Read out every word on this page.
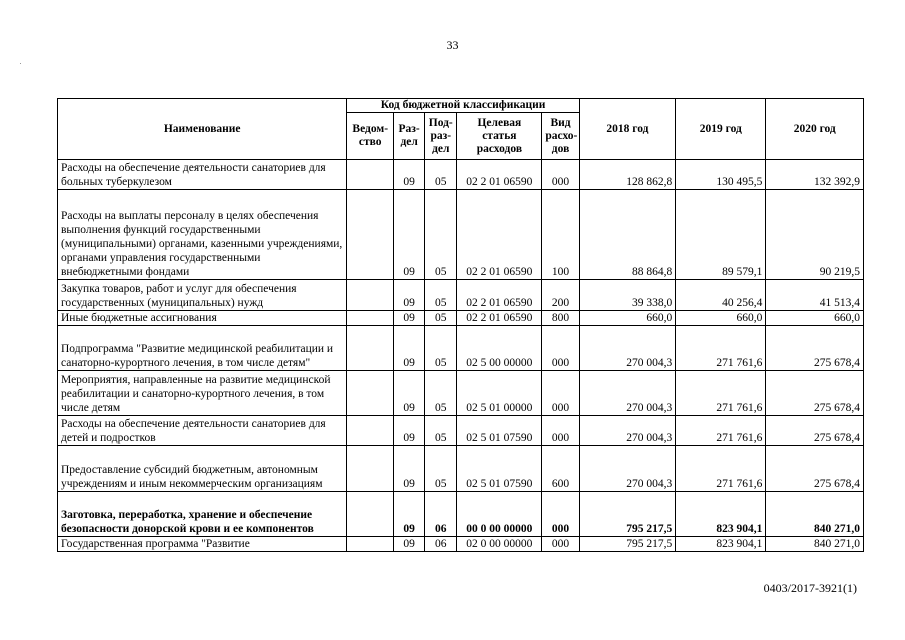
33
Наименование	Код бюджетной классификации					2018 год	2019 год	2020 год
	Ведом-ство	Раз-дел	Под-раз-дел	Целевая статья расходов	Вид расхо-дов			
Расходы на обеспечение деятельности санаториев для больных туберкулезом		09	05	02 2 01 06590	000	128 862,8	130 495,5	132 392,9
Расходы на выплаты персоналу в целях обеспечения выполнения функций государственными (муниципальными) органами, казенными учреждениями, органами управления государственными внебюджетными фондами		09	05	02 2 01 06590	100	88 864,8	89 579,1	90 219,5
Закупка товаров, работ и услуг для обеспечения государственных (муниципальных) нужд		09	05	02 2 01 06590	200	39 338,0	40 256,4	41 513,4
Иные бюджетные ассигнования		09	05	02 2 01 06590	800	660,0	660,0	660,0
Подпрограмма "Развитие медицинской реабилитации и санаторно-курортного лечения, в том числе детям"		09	05	02 5 00 00000	000	270 004,3	271 761,6	275 678,4
Мероприятия, направленные на развитие медицинской реабилитации и санаторно-курортного лечения, в том числе детям		09	05	02 5 01 00000	000	270 004,3	271 761,6	275 678,4
Расходы на обеспечение деятельности санаториев для детей и подростков		09	05	02 5 01 07590	000	270 004,3	271 761,6	275 678,4
Предоставление субсидий бюджетным, автономным учреждениям и иным некоммерческим организациям		09	05	02 5 01 07590	600	270 004,3	271 761,6	275 678,4
Заготовка, переработка, хранение и обеспечение безопасности донорской крови и ее компонентов		09	06	00 0 00 00000	000	795 217,5	823 904,1	840 271,0
Государственная программа "Развитие		09	06	02 0 00 00000	000	795 217,5	823 904,1	840 271,0
0403/2017-3921(1)
